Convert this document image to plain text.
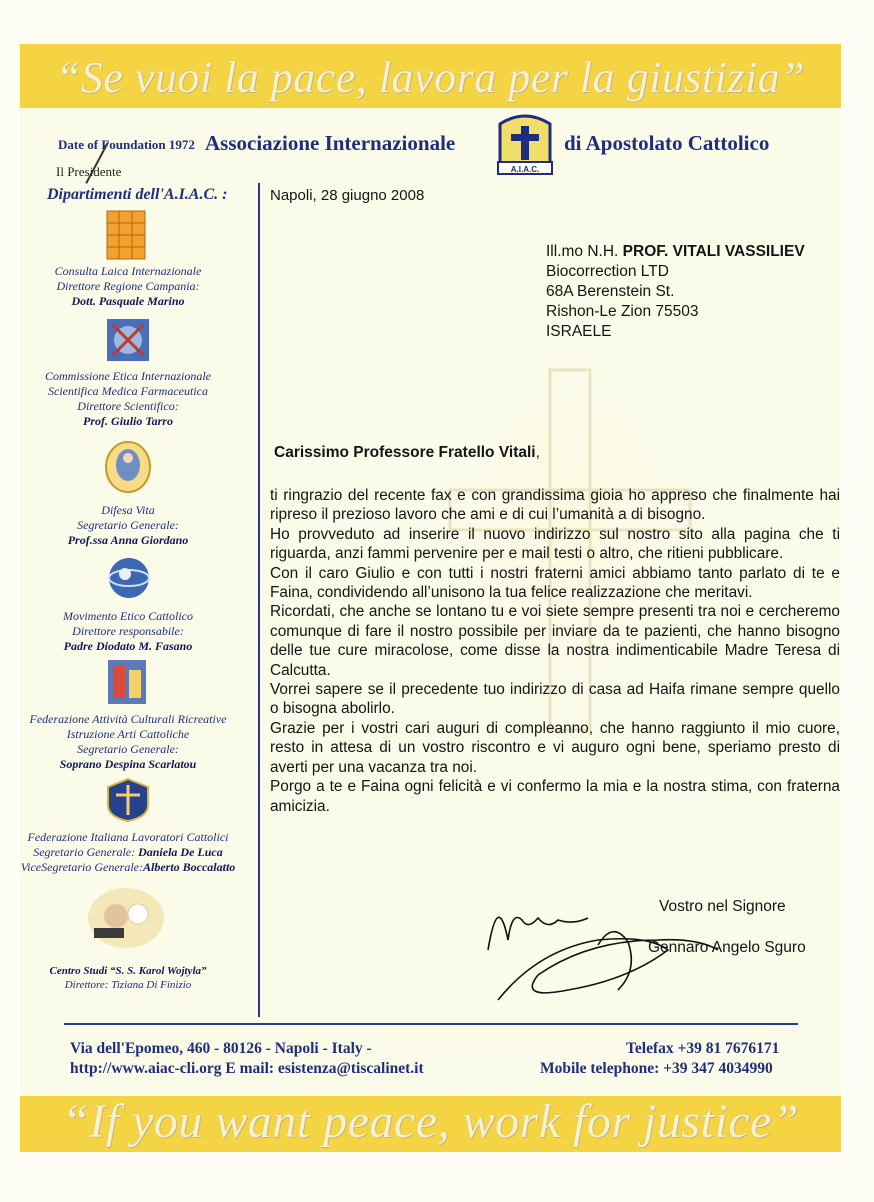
“Se vuoi la pace, lavora per la giustizia”
Date of Foundation 1972 Associazione Internazionale
A.I.A.C.
di Apostolato Cattolico
Il Presidente
Dipartimenti dell'A.I.A.C. :
Consulta Laica Internazionale
Direttore Regione Campania:
Dott. Pasquale Marino
Commissione Etica Internazionale
Scientifica Medica Farmaceutica
Direttore Scientifico:
Prof. Giulio Tarro
Difesa Vita
Segretario Generale:
Prof.ssa Anna Giordano
Movimento Etico Cattolico
Direttore responsabile:
Padre Diodato M. Fasano
Federazione Attività Culturali Ricreative
Istruzione Arti Cattoliche
Segretario Generale:
Soprano Despina Scarlatou
Federazione Italiana Lavoratori Cattolici
Segretario Generale: Daniela De Luca
ViceSegretario Generale:Alberto Boccalatto
Centro Studi “S. S. Karol Wojtyla”
Direttore: Tiziana Di Finizio
Napoli, 28 giugno 2008
Ill.mo N.H. PROF. VITALI VASSILIEV
Biocorrection LTD
68A Berenstein St.
Rishon-Le Zion 75503
ISRAELE
Carissimo Professore Fratello Vitali,

ti ringrazio del recente fax e con grandissima gioia ho appreso che finalmente hai ripreso il prezioso lavoro che ami e di cui l’umanità a di bisogno.

Ho provveduto ad inserire il nuovo indirizzo sul nostro sito alla pagina che ti riguarda, anzi fammi pervenire per e mail testi o altro, che ritieni pubblicare.

Con il caro Giulio e con tutti i nostri fraterni amici abbiamo tanto parlato di te e Faina, condividendo all’unisono la tua felice realizzazione che meritavi.

Ricordati, che anche se lontano tu e voi siete sempre presenti tra noi e cercheremo comunque di fare il nostro possibile per inviare da te pazienti, che hanno bisogno delle tue cure miracolose, come disse la nostra indimenticabile Madre Teresa di Calcutta.

Vorrei sapere se il precedente tuo indirizzo di casa ad Haifa rimane sempre quello o bisogna abolirlo.

Grazie per i vostri cari auguri di compleanno, che hanno raggiunto il mio cuore, resto in attesa di un vostro riscontro e vi auguro ogni bene, speriamo presto di averti per una vacanza tra noi.

Porgo a te e Faina ogni felicità e vi confermo la mia e la nostra stima, con fraterna amicizia.

Vostro nel Signore
Gennaro Angelo Sguro
Via dell'Epomeo, 460 - 80126 - Napoli - Italy -
http://www.aiac-cli.org E mail: esistenza@tiscalinet.it
Telefax +39 81 7676171
Mobile telephone: +39 347 4034990
“If you want peace, work for justice”
